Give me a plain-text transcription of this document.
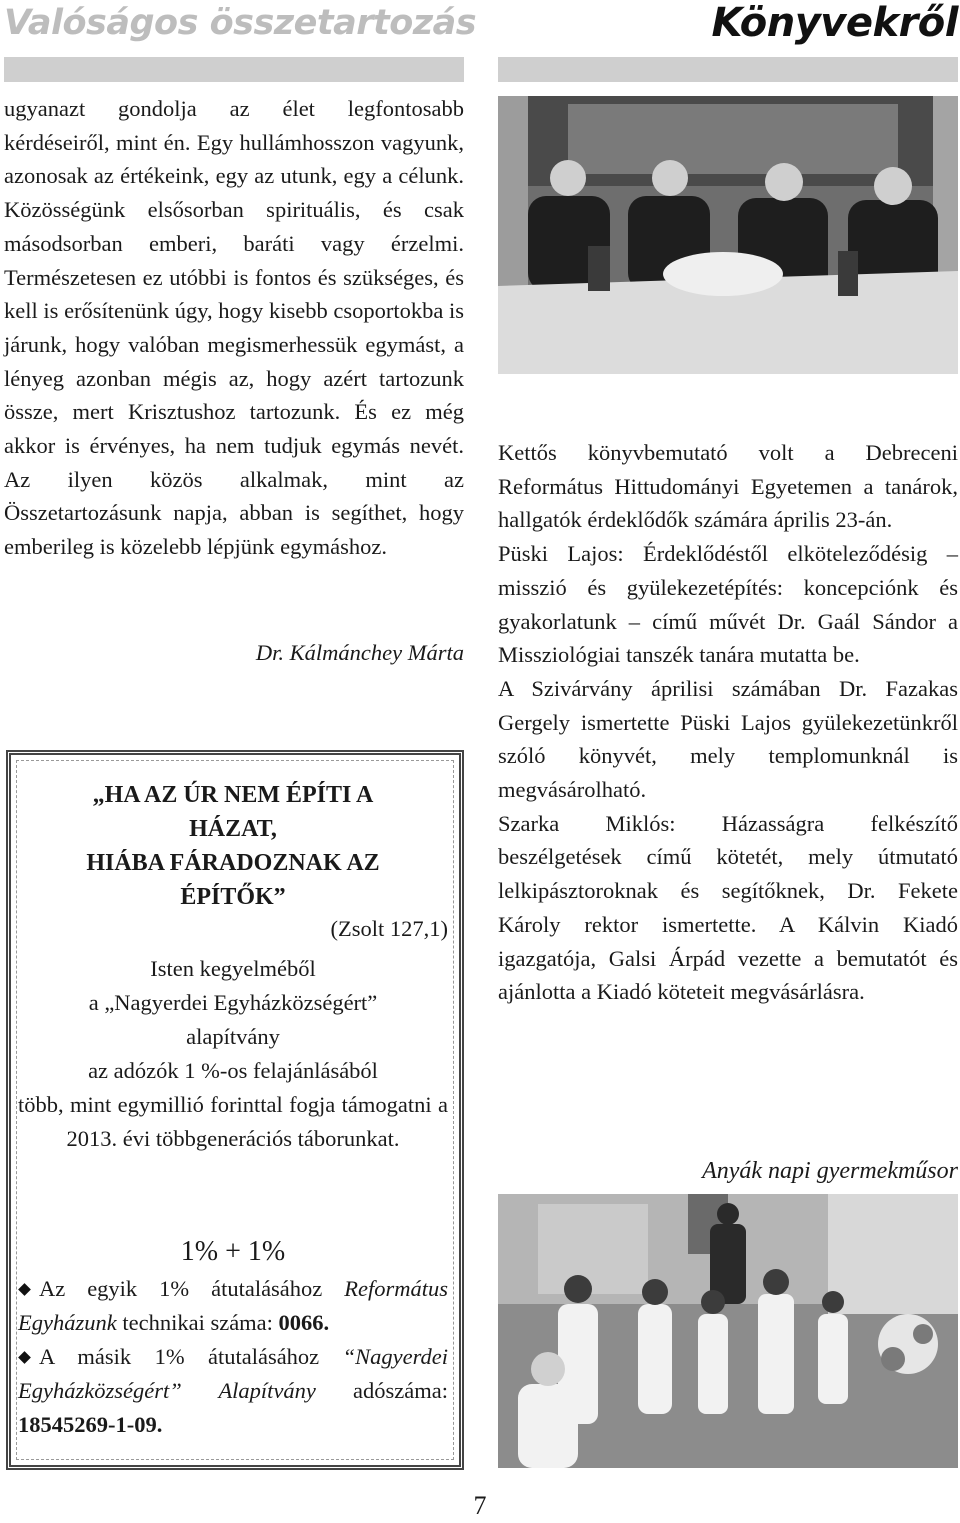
Valóságos összetartozás	Könyvekről

ugyanazt gondolja az élet legfontosabb kérdéseiről, mint én. Egy hullámhosszon vagyunk, azonosak az értékeink, egy az utunk, egy a célunk. Közösségünk elsősorban spirituális, és csak másodsorban emberi, baráti vagy érzelmi. Természetesen ez utóbbi is fontos és szükséges, és kell is erősítenünk úgy, hogy kisebb csoportokba is járunk, hogy valóban megismerhessük egymást, a lényeg azonban mégis az, hogy azért tartozunk össze, mert Krisztushoz tartozunk. És ez még akkor is érvényes, ha nem tudjuk egymás nevét. Az ilyen közös alkalmak, mint az Összetartozásunk napja, abban is segíthet, hogy emberileg is közelebb lépjünk egymáshoz.

Dr. Kálmánchey Márta
„HA AZ ÚR NEM ÉPÍTI A
HÁZAT,
HIÁBA FÁRADOZNAK AZ
ÉPÍTŐK”
(Zsolt 127,1)
Isten kegyelméből
a „Nagyerdei Egyházközségért”
alapítvány
az adózók 1 %-os felajánlásából
több, mint egymillió forinttal fogja támogatni a 2013. évi többgenerációs táborunkat.
1% + 1%

Az egyik 1% átutalásához Református Egyházunk technikai száma: 0066.

A másik 1% átutalásához “Nagyerdei Egyházközségért” Alapítvány adószáma: 18545269-1-09.

Kettős könyvbemutató volt a Debreceni Református Hittudományi Egyetemen a tanárok, hallgatók érdeklődők számára április 23-án.

Püski Lajos: Érdeklődéstől elköteleződésig – misszió és gyülekezetépítés: koncepciónk és gyakorlatunk – című művét Dr. Gaál Sándor a Missziológiai tanszék tanára mutatta be.

A Szivárvány áprilisi számában Dr. Fazakas Gergely ismertette Püski Lajos gyülekezetünkről szóló könyvét, mely templomunknál is megvásárolható.

Szarka Miklós: Házasságra felkészítő beszélgetések című kötetét, mely útmutató lelkipásztoroknak és segítőknek, Dr. Fekete Károly rektor ismertette. A Kálvin Kiadó igazgatója, Galsi Árpád vezette a bemutatót és ajánlotta a Kiadó köteteit megvásárlásra.

Anyák napi gyermekműsor
7
